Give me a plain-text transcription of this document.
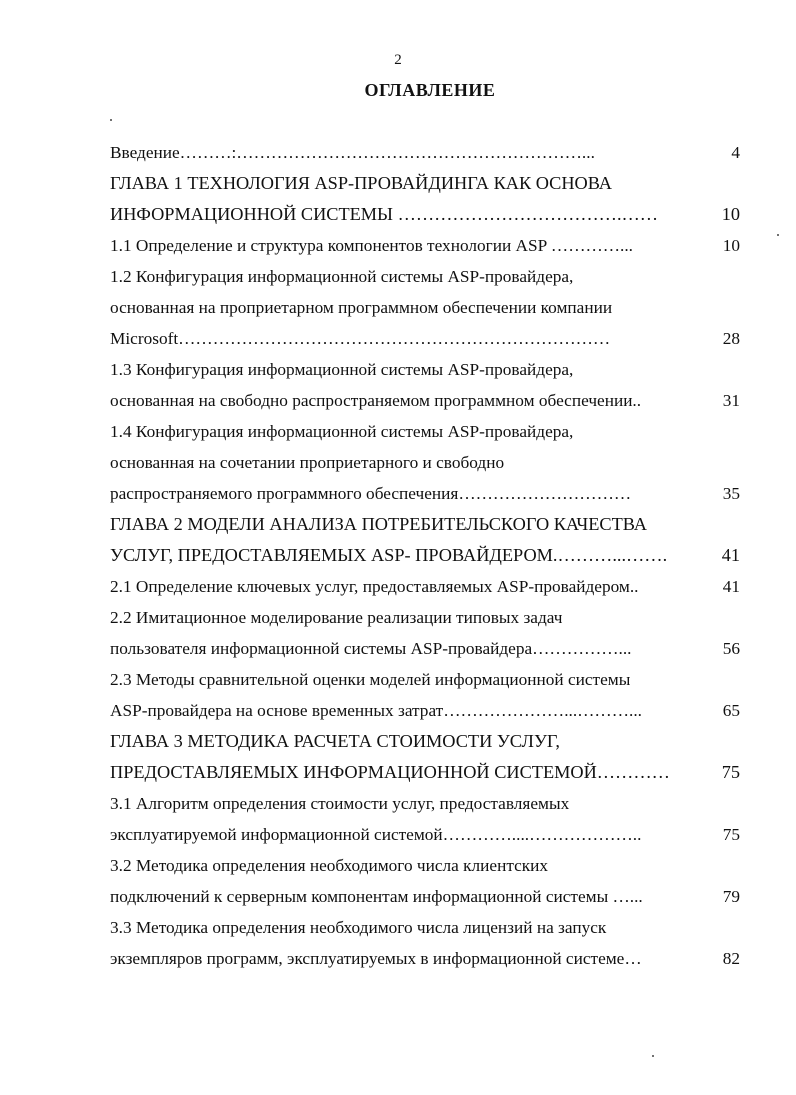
2
ОГЛАВЛЕНИЕ
Введение………:……………………………………………………...	4
ГЛАВА 1 ТЕХНОЛОГИЯ ASP-ПРОВАЙДИНГА КАК ОСНОВА
ИНФОРМАЦИОННОЙ СИСТЕМЫ ……………………………….……	10
1.1 Определение и структура компонентов технологии ASP …………...	10
1.2 Конфигурация информационной системы ASP-провайдера,
основанная на проприетарном программном обеспечении компании
Microsoft…………………………………………………………………	28
1.3 Конфигурация информационной системы ASP-провайдера,
основанная на свободно распространяемом программном обеспечении..	31
1.4 Конфигурация информационной системы ASP-провайдера,
основанная на сочетании проприетарного и свободно
распространяемого программного обеспечения…………………………	35
ГЛАВА 2 МОДЕЛИ АНАЛИЗА ПОТРЕБИТЕЛЬСКОГО КАЧЕСТВА
УСЛУГ, ПРЕДОСТАВЛЯЕМЫХ ASP- ПРОВАЙДЕРОМ.………...…….	41
2.1 Определение ключевых услуг, предоставляемых ASP-провайдером..	41
2.2 Имитационное моделирование реализации типовых задач
пользователя информационной системы ASP-провайдера……………...	56
2.3 Методы сравнительной оценки моделей информационной системы
ASP-провайдера на основе временных затрат…………………...………...	65
ГЛАВА 3 МЕТОДИКА РАСЧЕТА СТОИМОСТИ УСЛУГ,
ПРЕДОСТАВЛЯЕМЫХ ИНФОРМАЦИОННОЙ СИСТЕМОЙ…………	75
3.1 Алгоритм определения стоимости услуг, предоставляемых
эксплуатируемой информационной системой…………....………………..	75
3.2 Методика определения необходимого числа клиентских
подключений к серверным компонентам информационной системы …...	79
3.3 Методика определения необходимого числа лицензий на запуск
экземпляров программ, эксплуатируемых в информационной системе…	82
